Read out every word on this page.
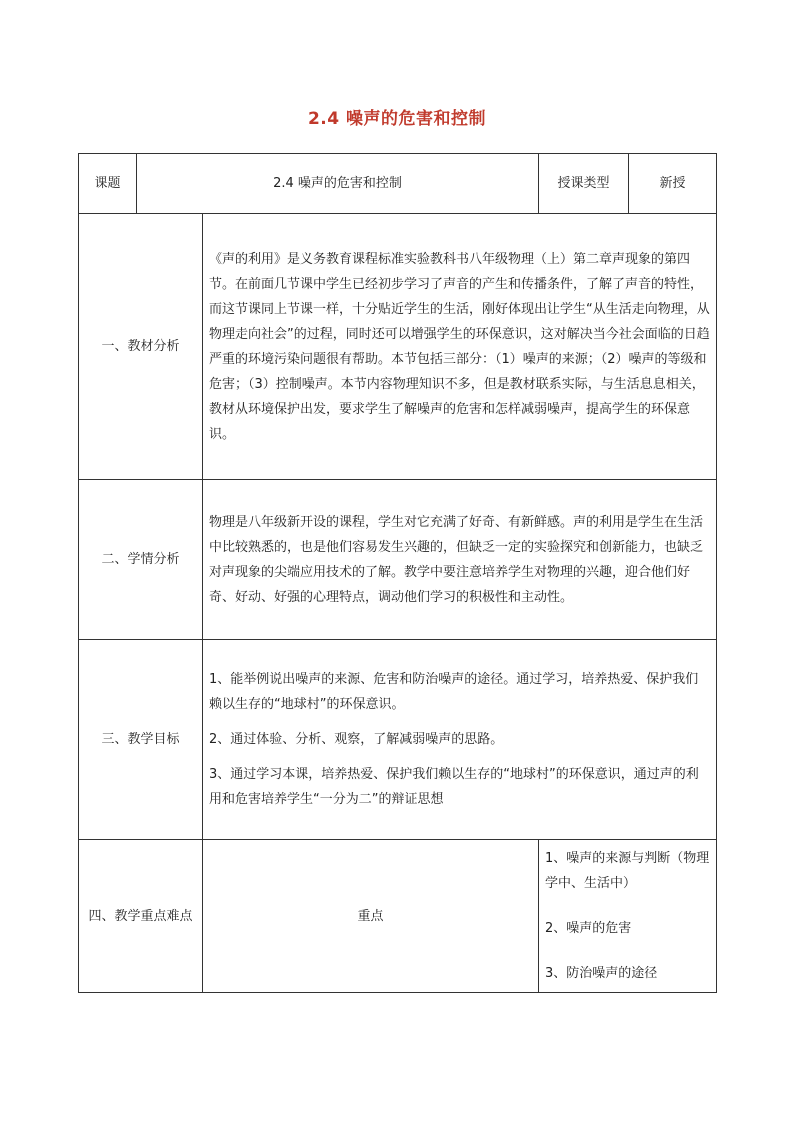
2.4 噪声的危害和控制
课题	2.4 噪声的危害和控制		授课类型	新授
一、教材分析		《声的利用》是义务教育课程标准实验教科书八年级物理（上）第二章声现象的第四节。在前面几节课中学生已经初步学习了声音的产生和传播条件，了解了声音的特性，而这节课同上节课一样，十分贴近学生的生活，刚好体现出让学生“从生活走向物理，从物理走向社会”的过程，同时还可以增强学生的环保意识，这对解决当今社会面临的日趋严重的环境污染问题很有帮助。本节包括三部分：（1）噪声的来源；（2）噪声的等级和危害；（3）控制噪声。本节内容物理知识不多，但是教材联系实际，与生活息息相关，教材从环境保护出发，要求学生了解噪声的危害和怎样减弱噪声，提高学生的环保意识。		

二、学情分析		物理是八年级新开设的课程，学生对它充满了好奇、有新鲜感。声的利用是学生在生活中比较熟悉的，也是他们容易发生兴趣的，但缺乏一定的实验探究和创新能力，也缺乏对声现象的尖端应用技术的了解。教学中要注意培养学生对物理的兴趣，迎合他们好奇、好动、好强的心理特点，调动他们学习的积极性和主动性。		

三、教学目标		1、能举例说出噪声的来源、危害和防治噪声的途径。通过学习，培养热爱、保护我们赖以生存的“地球村”的环保意识。

2、通过体验、分析、观察，了解减弱噪声的思路。

3、通过学习本课，培养热爱、保护我们赖以生存的“地球村”的环保意识，通过声的利用和危害培养学生“一分为二”的辩证思想		

四、教学重点难点		重点	1、噪声的来源与判断（物理学中、生活中）

2、噪声的危害

3、防治噪声的途径	
